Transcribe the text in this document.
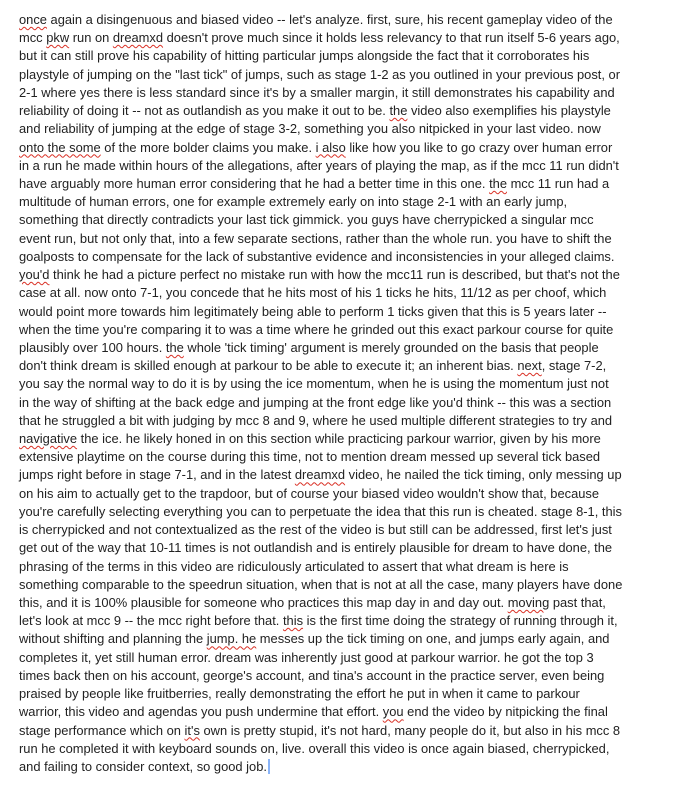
once again a disingenuous and biased video -- let's analyze. first, sure, his recent gameplay video of the
mcc pkw run on dreamxd doesn't prove much since it holds less relevancy to that run itself 5-6 years ago,
but it can still prove his capability of hitting particular jumps alongside the fact that it corroborates his
playstyle of jumping on the "last tick" of jumps, such as stage 1-2 as you outlined in your previous post, or
2-1 where yes there is less standard since it's by a smaller margin, it still demonstrates his capability and
reliability of doing it -- not as outlandish as you make it out to be. the video also exemplifies his playstyle
and reliability of jumping at the edge of stage 3-2, something you also nitpicked in your last video. now
onto the some of the more bolder claims you make. i also like how you like to go crazy over human error
in a run he made within hours of the allegations, after years of playing the map, as if the mcc 11 run didn't
have arguably more human error considering that he had a better time in this one. the mcc 11 run had a
multitude of human errors, one for example extremely early on into stage 2-1 with an early jump,
something that directly contradicts your last tick gimmick. you guys have cherrypicked a singular mcc
event run, but not only that, into a few separate sections, rather than the whole run. you have to shift the
goalposts to compensate for the lack of substantive evidence and inconsistencies in your alleged claims.
you'd think he had a picture perfect no mistake run with how the mcc11 run is described, but that's not the
case at all. now onto 7-1, you concede that he hits most of his 1 ticks he hits, 11/12 as per choof, which
would point more towards him legitimately being able to perform 1 ticks given that this is 5 years later --
when the time you're comparing it to was a time where he grinded out this exact parkour course for quite
plausibly over 100 hours. the whole 'tick timing' argument is merely grounded on the basis that people
don't think dream is skilled enough at parkour to be able to execute it; an inherent bias. next, stage 7-2,
you say the normal way to do it is by using the ice momentum, when he is using the momentum just not
in the way of shifting at the back edge and jumping at the front edge like you'd think -- this was a section
that he struggled a bit with judging by mcc 8 and 9, where he used multiple different strategies to try and
navigative the ice. he likely honed in on this section while practicing parkour warrior, given by his more
extensive playtime on the course during this time, not to mention dream messed up several tick based
jumps right before in stage 7-1, and in the latest dreamxd video, he nailed the tick timing, only messing up
on his aim to actually get to the trapdoor, but of course your biased video wouldn't show that, because
you're carefully selecting everything you can to perpetuate the idea that this run is cheated. stage 8-1, this
is cherrypicked and not contextualized as the rest of the video is but still can be addressed, first let's just
get out of the way that 10-11 times is not outlandish and is entirely plausible for dream to have done, the
phrasing of the terms in this video are ridiculously articulated to assert that what dream is here is
something comparable to the speedrun situation, when that is not at all the case, many players have done
this, and it is 100% plausible for someone who practices this map day in and day out. moving past that,
let's look at mcc 9 -- the mcc right before that. this is the first time doing the strategy of running through it,
without shifting and planning the jump. he messes up the tick timing on one, and jumps early again, and
completes it, yet still human error. dream was inherently just good at parkour warrior. he got the top 3
times back then on his account, george's account, and tina's account in the practice server, even being
praised by people like fruitberries, really demonstrating the effort he put in when it came to parkour
warrior, this video and agendas you push undermine that effort. you end the video by nitpicking the final
stage performance which on it's own is pretty stupid, it's not hard, many people do it, but also in his mcc 8
run he completed it with keyboard sounds on, live. overall this video is once again biased, cherrypicked,
and failing to consider context, so good job.
